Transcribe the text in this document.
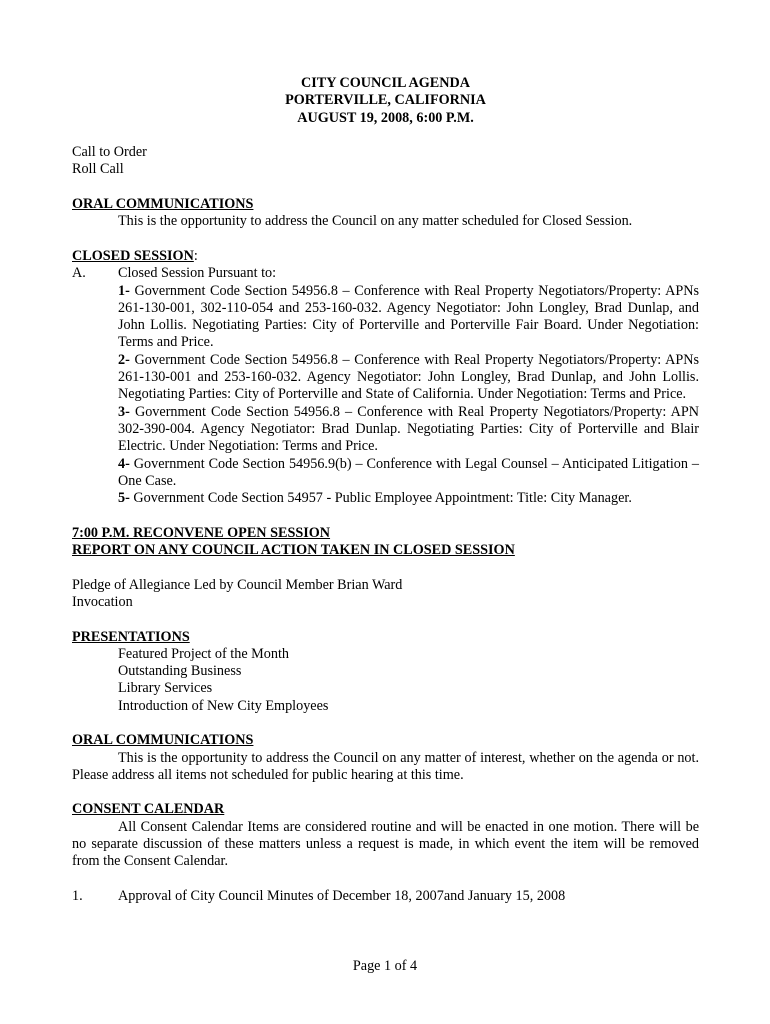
CITY COUNCIL AGENDA
PORTERVILLE, CALIFORNIA
AUGUST 19, 2008, 6:00 P.M.
Call to Order
Roll Call
ORAL COMMUNICATIONS
This is the opportunity to address the Council on any matter scheduled for Closed Session.
CLOSED SESSION:
A.	Closed Session Pursuant to:
1- Government Code Section 54956.8 – Conference with Real Property Negotiators/Property: APNs 261-130-001, 302-110-054 and 253-160-032. Agency Negotiator: John Longley, Brad Dunlap, and John Lollis. Negotiating Parties: City of Porterville and Porterville Fair Board. Under Negotiation: Terms and Price.
2- Government Code Section 54956.8 – Conference with Real Property Negotiators/Property: APNs 261-130-001 and 253-160-032. Agency Negotiator: John Longley, Brad Dunlap, and John Lollis. Negotiating Parties: City of Porterville and State of California. Under Negotiation: Terms and Price.
3- Government Code Section 54956.8 – Conference with Real Property Negotiators/Property: APN 302-390-004. Agency Negotiator: Brad Dunlap. Negotiating Parties: City of Porterville and Blair Electric. Under Negotiation: Terms and Price.
4- Government Code Section 54956.9(b) – Conference with Legal Counsel – Anticipated Litigation – One Case.
5- Government Code Section 54957 - Public Employee Appointment: Title: City Manager.
7:00 P.M. RECONVENE OPEN SESSION
REPORT ON ANY COUNCIL ACTION TAKEN IN CLOSED SESSION
Pledge of Allegiance Led by Council Member Brian Ward
Invocation
PRESENTATIONS
Featured Project of the Month
Outstanding Business
Library Services
Introduction of New City Employees
ORAL COMMUNICATIONS
This is the opportunity to address the Council on any matter of interest, whether on the agenda or not. Please address all items not scheduled for public hearing at this time.
CONSENT CALENDAR
All Consent Calendar Items are considered routine and will be enacted in one motion. There will be no separate discussion of these matters unless a request is made, in which event the item will be removed from the Consent Calendar.
1.	Approval of City Council Minutes of December 18, 2007and January 15, 2008
Page 1 of 4
